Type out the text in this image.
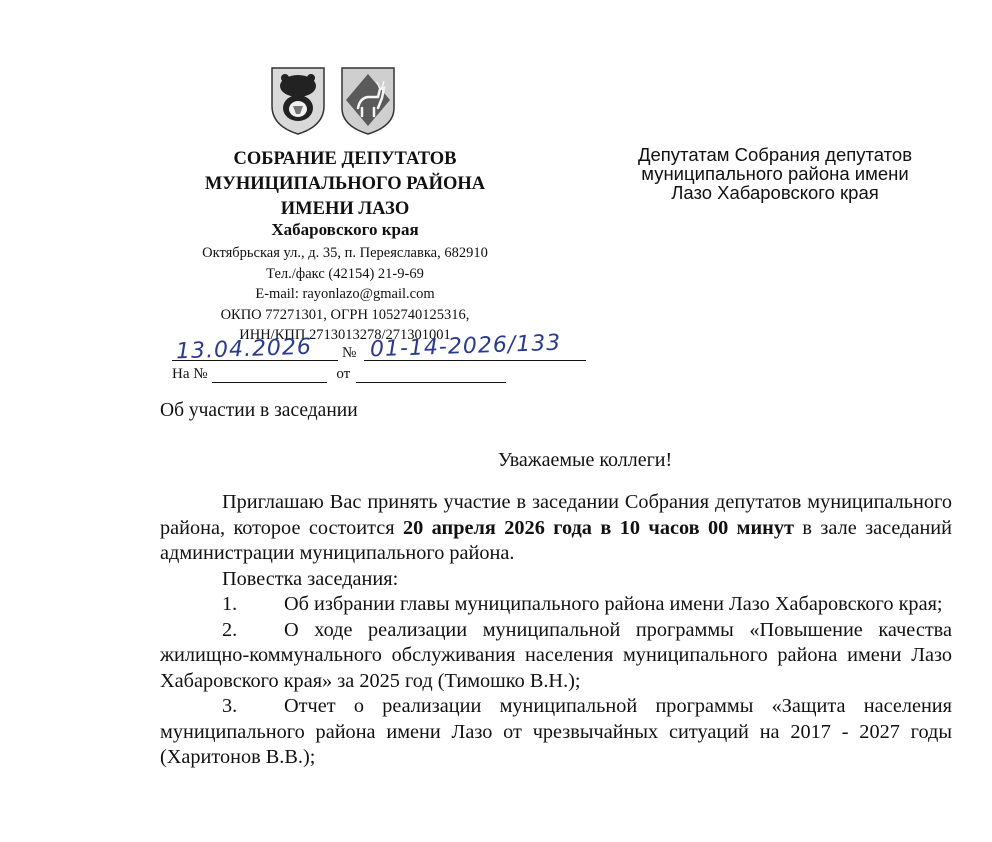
СОБРАНИЕ ДЕПУТАТОВ
МУНИЦИПАЛЬНОГО РАЙОНА
ИМЕНИ ЛАЗО
Хабаровского края
Октябрьская ул., д. 35, п. Переяславка, 682910
Тел./факс (42154) 21-9-69
E-mail: rayonlazo@gmail.com
ОКПО 77271301, ОГРН 1052740125316,
ИНН/КПП 2713013278/271301001
13.04.2026 № 01-14-2026/133
На №	от
Депутатам Собрания депутатов
муниципального района имени
Лазо Хабаровского края
Об участии в заседании
Уважаемые коллеги!

Приглашаю Вас принять участие в заседании Собрания депутатов муниципального района, которое состоится 20 апреля 2026 года в 10 часов 00 минут в зале заседаний администрации муниципального района.

Повестка заседания:

1. Об избрании главы муниципального района имени Лазо Хабаровского края;

2. О ходе реализации муниципальной программы «Повышение качества жилищно-коммунального обслуживания населения муниципального района имени Лазо Хабаровского края» за 2025 год (Тимошко В.Н.);

3. Отчет о реализации муниципальной программы «Защита населения муниципального района имени Лазо от чрезвычайных ситуаций на 2017 - 2027 годы (Харитонов В.В.);
